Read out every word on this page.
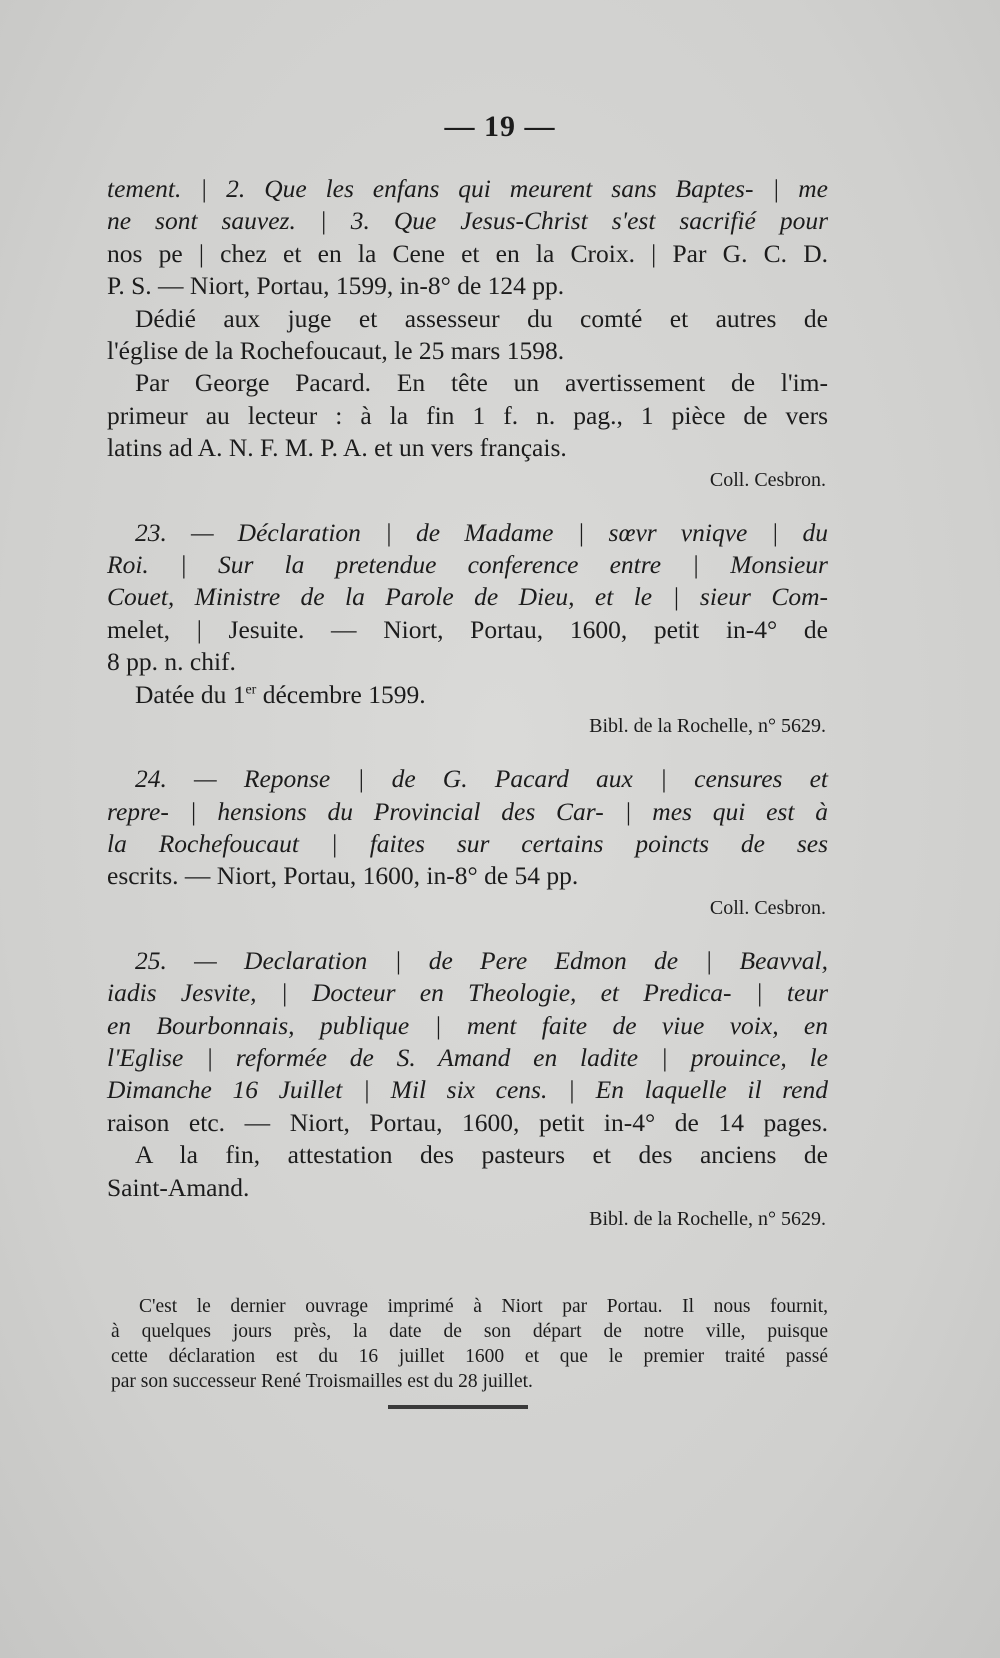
— 19 —
tement. | 2. Que les enfans qui meurent sans Baptes- | me
ne sont sauvez. | 3. Que Jesus-Christ s'est sacrifié pour
nos pe | chez et en la Cene et en la Croix. | Par G. C. D.
P. S. — Niort, Portau, 1599, in-8° de 124 pp.
Dédié aux juge et assesseur du comté et autres de
l'église de la Rochefoucaut, le 25 mars 1598.
Par George Pacard. En tête un avertissement de l'im-
primeur au lecteur : à la fin 1 f. n. pag., 1 pièce de vers
latins ad A. N. F. M. P. A. et un vers français.
Coll. Cesbron.
23. — Déclaration | de Madame | sœvr vniqve | du
Roi. | Sur la pretendue conference entre | Monsieur
Couet, Ministre de la Parole de Dieu, et le | sieur Com-
melet, | Jesuite. — Niort, Portau, 1600, petit in-4° de
8 pp. n. chif.
Datée du 1er décembre 1599.
Bibl. de la Rochelle, n° 5629.
24. — Reponse | de G. Pacard aux | censures et
repre- | hensions du Provincial des Car- | mes qui est à
la Rochefoucaut | faites sur certains poincts de ses
escrits. — Niort, Portau, 1600, in-8° de 54 pp.
Coll. Cesbron.
25. — Declaration | de Pere Edmon de | Beavval,
iadis Jesvite, | Docteur en Theologie, et Predica- | teur
en Bourbonnais, publique | ment faite de viue voix, en
l'Eglise | reformée de S. Amand en ladite | prouince, le
Dimanche 16 Juillet | Mil six cens. | En laquelle il rend
raison etc. — Niort, Portau, 1600, petit in-4° de 14 pages.
A la fin, attestation des pasteurs et des anciens de
Saint-Amand.
Bibl. de la Rochelle, n° 5629.
C'est le dernier ouvrage imprimé à Niort par Portau. Il nous fournit,
à quelques jours près, la date de son départ de notre ville, puisque
cette déclaration est du 16 juillet 1600 et que le premier traité passé
par son successeur René Troismailles est du 28 juillet.
